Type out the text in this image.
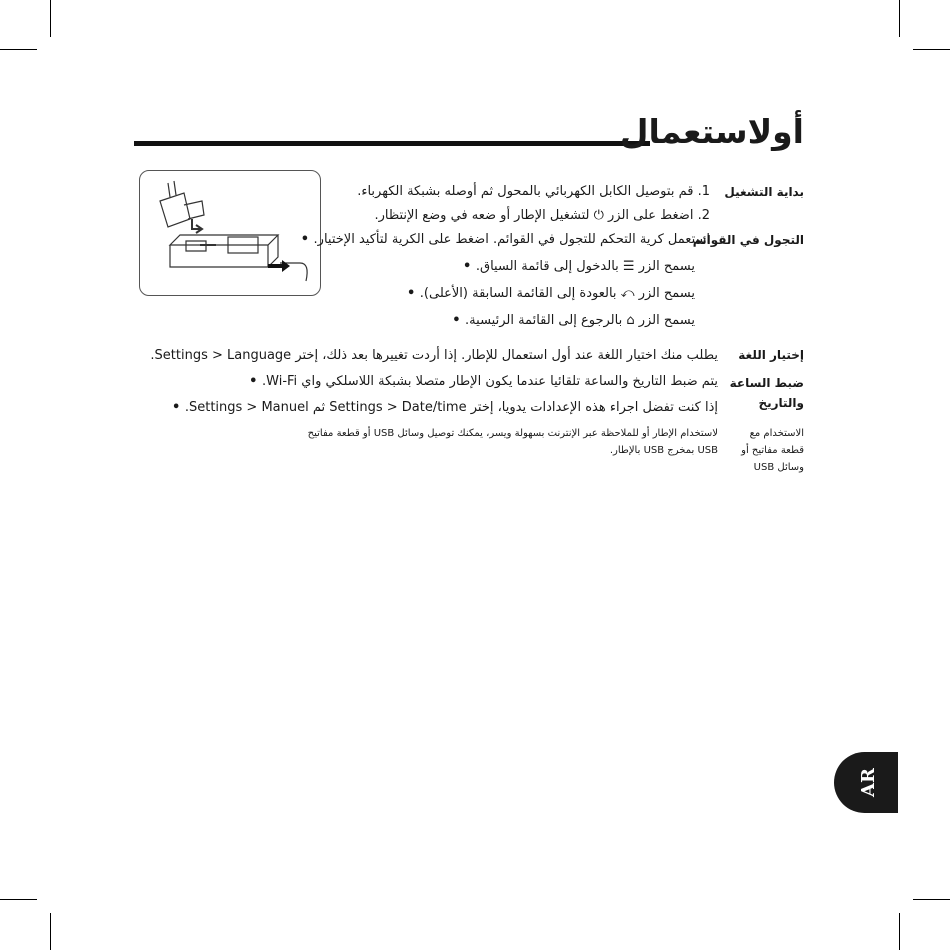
أولاستعمال
بداية التشغيل
1. قم بتوصيل الكابل الكهربائي بالمحول ثم أوصله بشبكة الكهرباء.
2. اضغط على الزر ⏻ لتشغيل الإطار أو ضعه في وضع الإنتظار.
التجول في القوائم
استعمل كرية التحكم للتجول في القوائم. اضغط على الكرية لتأكيد الإختيار. •
يسمح الزر ☰ بالدخول إلى قائمة السياق. •
يسمح الزر ⤺ بالعودة إلى القائمة السابقة (الأعلى). •
يسمح الزر ⌂ بالرجوع إلى القائمة الرئيسية. •
إختيار اللغة
يطلب منك اختيار اللغة عند أول استعمال للإطار. إذا أردت تغييرها بعد ذلك، إختر Settings > Language.
ضبط الساعة
والتاريخ
يتم ضبط التاريخ والساعة تلقائيا عندما يكون الإطار متصلا بشبكة اللاسلكي واي Wi-Fi. •
إذا كنت تفضل اجراء هذه الإعدادات يدويا، إختر Settings > Date/time ثم Settings > Manuel. •
الاستخدام مع قطعة مفاتيح أو وسائل USB
لاستخدام الإطار أو للملاحظة عبر الإنترنت بسهولة ويسر، يمكنك توصيل وسائل USB أو قطعة مفاتيح USB بمخرج USB بالإطار.
AR
